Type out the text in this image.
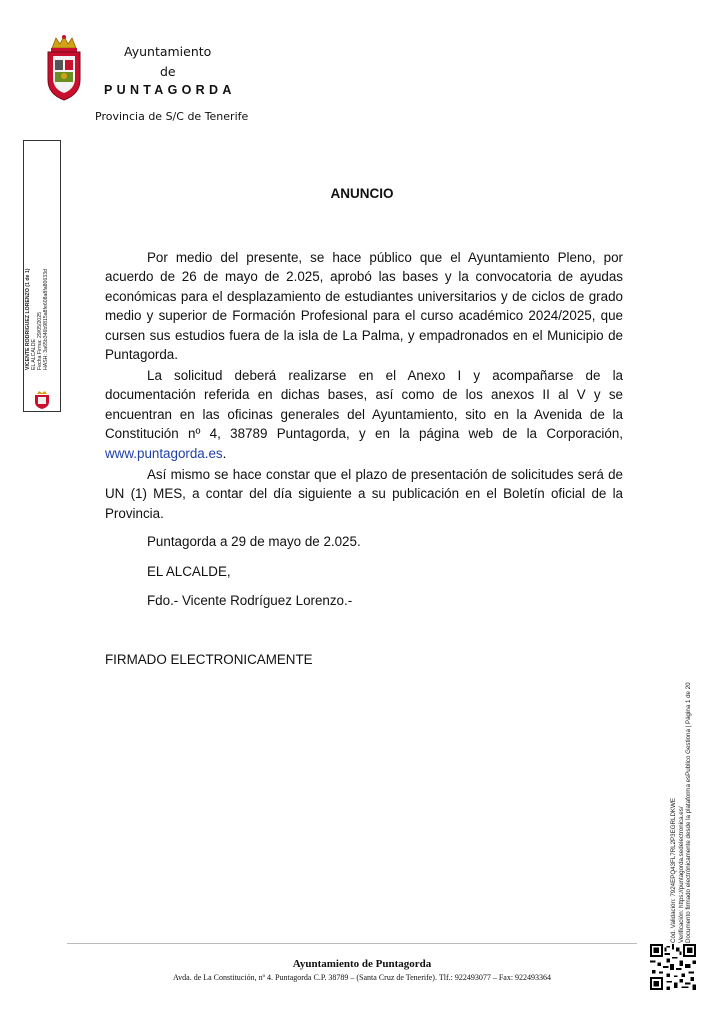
Ayuntamiento
de
PUNTAGORDA
Provincia de S/C de Tenerife
VICENTE RODRIGUEZ LORENZO (1 de 1) EL ALCALDE Fecha Firma: 29/05/2025 HASH: 3a65b346b9815a8fe608a8fa80633d
ANUNCIO
Por medio del presente, se hace público que el Ayuntamiento Pleno, por acuerdo de 26 de mayo de 2.025, aprobó las bases y la convocatoria de ayudas económicas para el desplazamiento de estudiantes universitarios y de ciclos de grado medio y superior de Formación Profesional para el curso académico 2024/2025, que cursen sus estudios fuera de la isla de La Palma, y empadronados en el Municipio de Puntagorda.
La solicitud deberá realizarse en el Anexo I y acompañarse de la documentación referida en dichas bases, así como de los anexos II al V y se encuentran en las oficinas generales del Ayuntamiento, sito en la Avenida de la Constitución nº 4, 38789 Puntagorda, y en la página web de la Corporación, www.puntagorda.es.
Así mismo se hace constar que el plazo de presentación de solicitudes será de UN (1) MES, a contar del día siguiente a su publicación en el Boletín oficial de la Provincia.
Puntagorda a 29 de mayo de 2.025.
EL ALCALDE,
Fdo.- Vicente Rodríguez Lorenzo.-
FIRMADO ELECTRONICAMENTE
Cód. Validación: 7924EPQ43FL7RL2P3EGRLDKWE Verificación: https://puntagorda.sedelectronica.es/ Documento firmado electrónicamente desde la plataforma esPublico Gestiona | Página 1 de 20
Ayuntamiento de Puntagorda
Avda. de La Constitución, nº 4. Puntagorda C.P. 38789 – (Santa Cruz de Tenerife). Tlf.: 922493077 – Fax: 922493364
